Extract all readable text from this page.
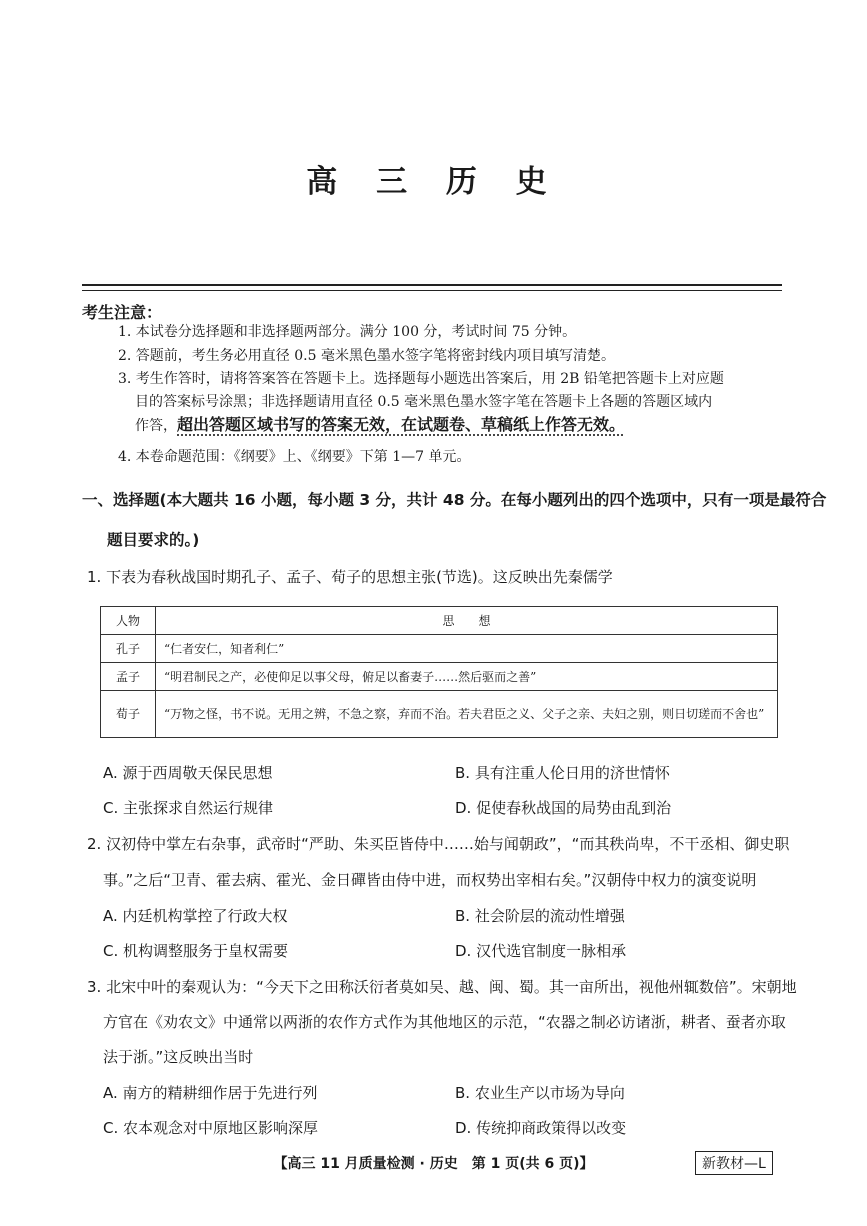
高 三 历 史
考生注意：
1. 本试卷分选择题和非选择题两部分。满分 100 分，考试时间 75 分钟。
2. 答题前，考生务必用直径 0.5 毫米黑色墨水签字笔将密封线内项目填写清楚。
3. 考生作答时，请将答案答在答题卡上。选择题每小题选出答案后，用 2B 铅笔把答题卡上对应题
目的答案标号涂黑；非选择题请用直径 0.5 毫米黑色墨水签字笔在答题卡上各题的答题区域内
作答，超出答题区域书写的答案无效，在试题卷、草稿纸上作答无效。
4. 本卷命题范围：《纲要》上、《纲要》下第 1—7 单元。
一、选择题(本大题共 16 小题，每小题 3 分，共计 48 分。在每小题列出的四个选项中，只有一项是最符合
题目要求的。)
1. 下表为春秋战国时期孔子、孟子、荀子的思想主张(节选)。这反映出先秦儒学
人物	思　　想
孔子	“仁者安仁，知者利仁”
孟子	“明君制民之产，必使仰足以事父母，俯足以畜妻子……然后驱而之善”
荀子	“万物之怪，书不说。无用之辨，不急之察，弃而不治。若夫君臣之义、父子之亲、夫妇之别，则日切瑳而不舍也”
A. 源于西周敬天保民思想	B. 具有注重人伦日用的济世情怀
C. 主张探求自然运行规律	D. 促使春秋战国的局势由乱到治
2. 汉初侍中掌左右杂事，武帝时“严助、朱买臣皆侍中……始与闻朝政”，“而其秩尚卑，不干丞相、御史职
事。”之后“卫青、霍去病、霍光、金日磾皆由侍中进，而权势出宰相右矣。”汉朝侍中权力的演变说明
A. 内廷机构掌控了行政大权	B. 社会阶层的流动性增强
C. 机构调整服务于皇权需要	D. 汉代选官制度一脉相承
3. 北宋中叶的秦观认为：“今天下之田称沃衍者莫如吴、越、闽、蜀。其一亩所出，视他州辄数倍”。宋朝地
方官在《劝农文》中通常以两浙的农作方式作为其他地区的示范，“农器之制必访诸浙，耕者、蚕者亦取
法于浙。”这反映出当时
A. 南方的精耕细作居于先进行列	B. 农业生产以市场为导向
C. 农本观念对中原地区影响深厚	D. 传统抑商政策得以改变
【高三 11 月质量检测 · 历史　第 1 页(共 6 页)】	新教材—L
